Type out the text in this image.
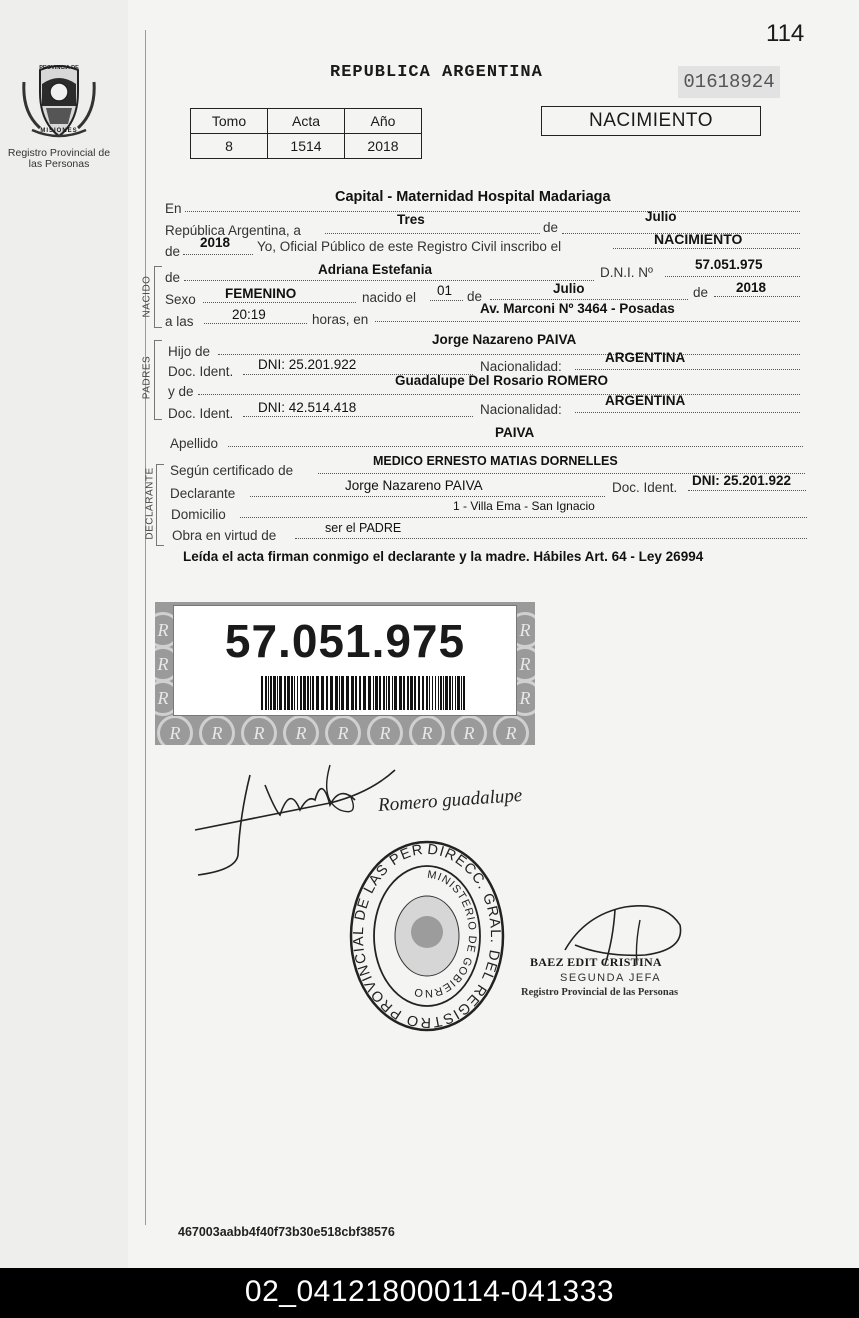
114
PROVINCIA DE
MISIONES
Registro Provincial de las Personas
REPUBLICA ARGENTINA	01618924
Tomo	Acta	Año
8	1514	2018
NACIMIENTO
En
Capital - Maternidad Hospital Madariaga
República Argentina, a
Tres
de
Julio
de
2018 Yo, Oficial Público de este Registro Civil inscribo el	NACIMIENTO
NACIDO de
Adriana Estefania	D.N.I. Nº
57.051.975
Sexo FEMENINO	nacido el 01 de
Julio	de 2018
a las	20:19	horas, en
Av. Marconi Nº 3464 - Posadas
PADRES
Hijo de
Jorge Nazareno PAIVA
Doc. Ident. DNI: 25.201.922	Nacionalidad:
ARGENTINA
y de
Guadalupe Del Rosario ROMERO
Doc. Ident. DNI: 42.514.418	Nacionalidad:
ARGENTINA
Apellido
PAIVA
DECLARANTE Según certificado de
MEDICO ERNESTO MATIAS DORNELLES
Declarante
Jorge Nazareno PAIVA	Doc. Ident. DNI: 25.201.922
Domicilio
1 - Villa Ema - San Ignacio
Obra en virtud de	ser el PADRE
Leída el acta firman conmigo el declarante y la madre. Hábiles Art. 64 - Ley 26994
R	R	R	R	R	R	R	R	R
R	R
R	R
R	R
57.051.975
Romero guadalupe
DIRECC. GRAL. DEL REGISTRO PROVINCIAL DE LAS PER
MINISTERIO DE GOBIERNO
BAEZ EDIT CRISTINA
SEGUNDA JEFA
Registro Provincial de las Personas
467003aabb4f40f73b30e518cbf38576
02_041218000114-041333
